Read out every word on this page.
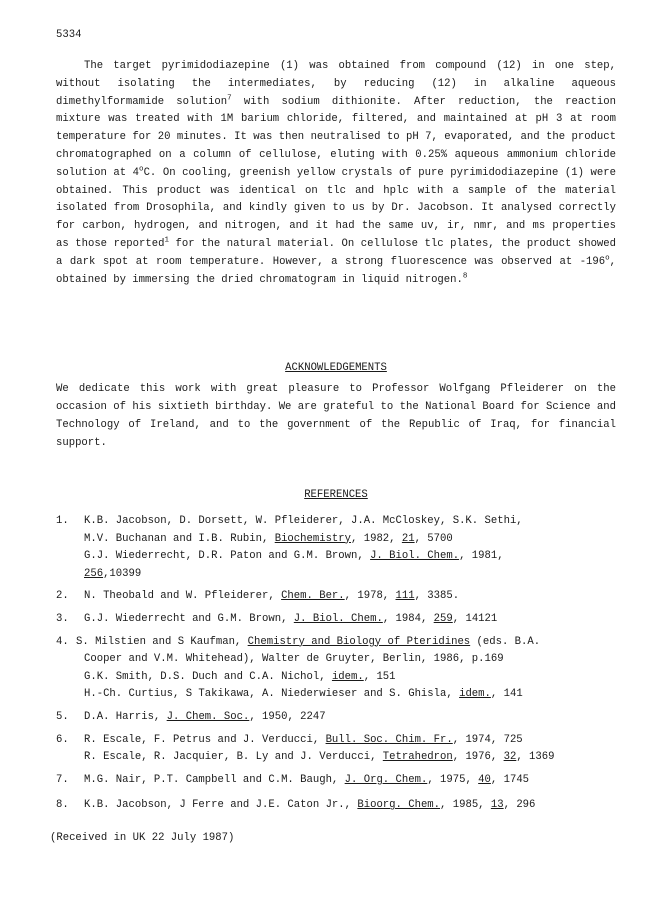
5334

The target pyrimidodiazepine (1) was obtained from compound (12) in one step, without isolating the intermediates, by reducing (12) in alkaline aqueous dimethylformamide solution$^7$ with sodium dithionite. After reduction, the reaction mixture was treated with 1M barium chloride, filtered, and maintained at pH 3 at room temperature for 20 minutes. It was then neutralised to pH 7, evaporated, and the product chromatographed on a column of cellulose, eluting with 0.25% aqueous ammonium chloride solution at 4$^o$C. On cooling, greenish yellow crystals of pure pyrimidodiazepine (1) were obtained. This product was identical on tlc and hplc with a sample of the material isolated from Drosophila, and kindly given to us by Dr. Jacobson. It analysed correctly for carbon, hydrogen, and nitrogen, and it had the same uv, ir, nmr, and ms properties as those reported$^1$ for the natural material. On cellulose tlc plates, the product showed a dark spot at room temperature. However, a strong fluorescence was observed at -196$^o$, obtained by immersing the dried chromatogram in liquid nitrogen.$^8$

ACKNOWLEDGEMENTS

We dedicate this work with great pleasure to Professor Wolfgang Pfleiderer on the occasion of his sixtieth birthday. We are grateful to the National Board for Science and Technology of Ireland, and to the government of the Republic of Iraq, for financial support.

REFERENCES
1. K.B. Jacobson, D. Dorsett, W. Pfleiderer, J.A. McCloskey, S.K. Sethi,
M.V. Buchanan and I.B. Rubin, Biochemistry, 1982, 21, 5700
G.J. Wiederrecht, D.R. Paton and G.M. Brown, J. Biol. Chem., 1981,
256,10399
2. N. Theobald and W. Pfleiderer, Chem. Ber., 1978, 111, 3385.
3. G.J. Wiederrecht and G.M. Brown, J. Biol. Chem., 1984, 259, 14121
4. S. Milstien and S Kaufman, Chemistry and Biology of Pteridines (eds. B.A.
Cooper and V.M. Whitehead), Walter de Gruyter, Berlin, 1986, p.169
G.K. Smith, D.S. Duch and C.A. Nichol, idem., 151
H.-Ch. Curtius, S Takikawa, A. Niederwieser and S. Ghisla, idem., 141
5. D.A. Harris, J. Chem. Soc., 1950, 2247
6. R. Escale, F. Petrus and J. Verducci, Bull. Soc. Chim. Fr., 1974, 725
R. Escale, R. Jacquier, B. Ly and J. Verducci, Tetrahedron, 1976, 32, 1369
7. M.G. Nair, P.T. Campbell and C.M. Baugh, J. Org. Chem., 1975, 40, 1745
8. K.B. Jacobson, J Ferre and J.E. Caton Jr., Bioorg. Chem., 1985, 13, 296
(Received in UK 22 July 1987)
